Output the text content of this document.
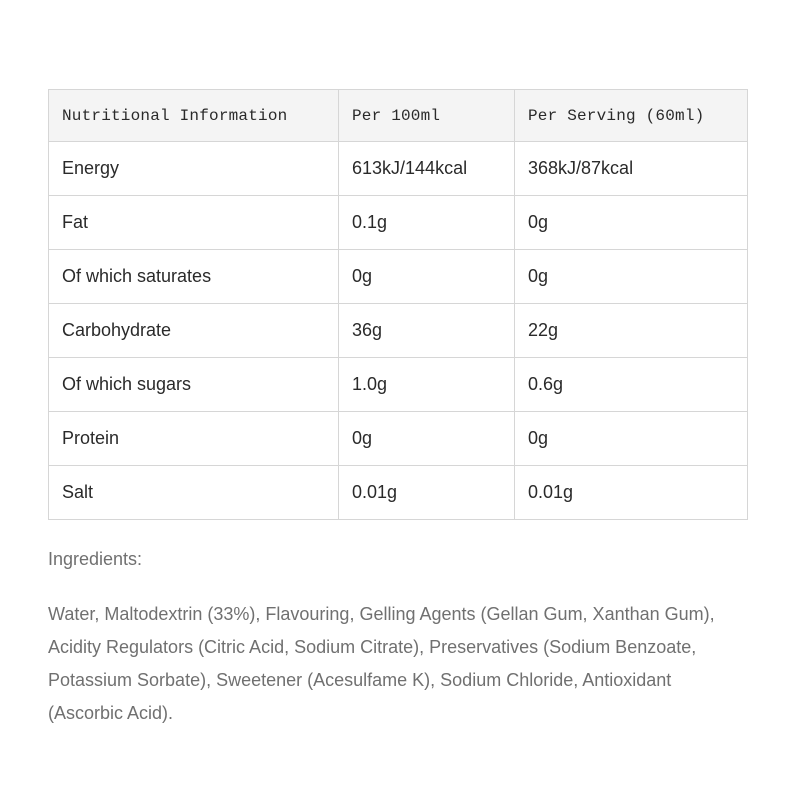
Nutritional Information	Per 100ml	Per Serving (60ml)
Energy	613kJ/144kcal	368kJ/87kcal
Fat	0.1g	0g
Of which saturates	0g	0g
Carbohydrate	36g	22g
Of which sugars	1.0g	0.6g
Protein	0g	0g
Salt	0.01g	0.01g
Ingredients:

Water, Maltodextrin (33%), Flavouring, Gelling Agents (Gellan Gum, Xanthan Gum), Acidity Regulators (Citric Acid, Sodium Citrate), Preservatives (Sodium Benzoate, Potassium Sorbate), Sweetener (Acesulfame K), Sodium Chloride, Antioxidant (Ascorbic Acid).
